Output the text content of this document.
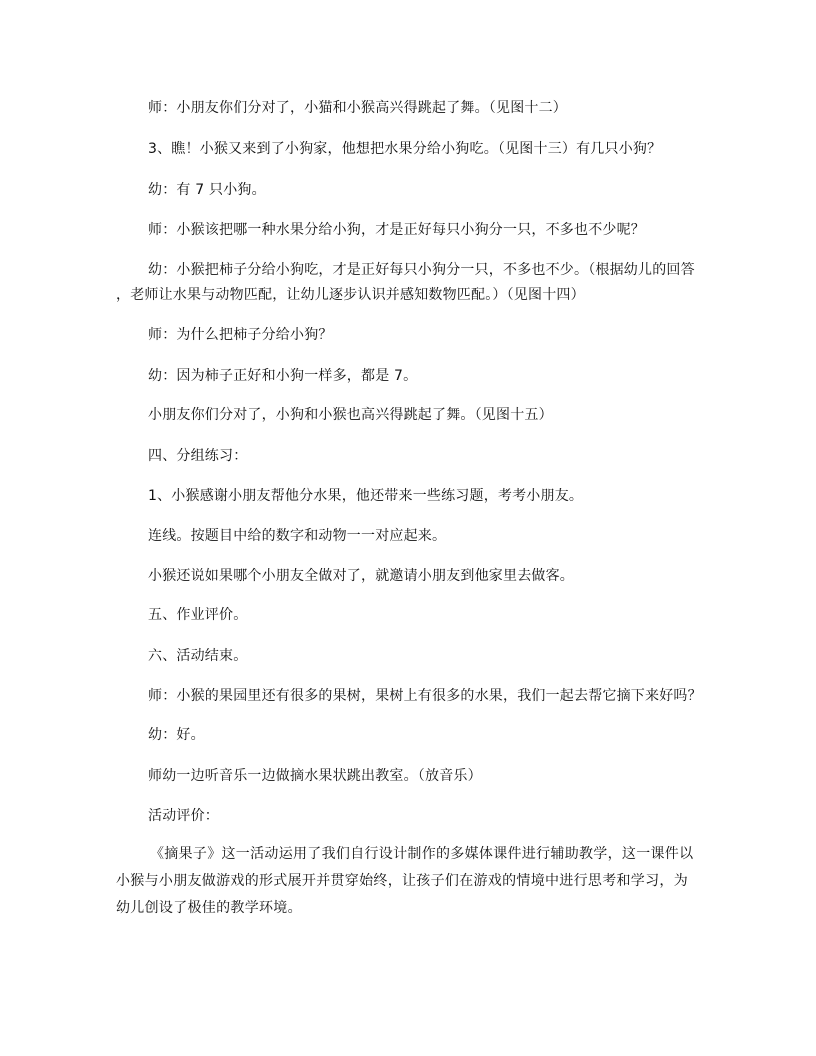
师：小朋友你们分对了，小猫和小猴高兴得跳起了舞。（见图十二）
3、瞧！小猴又来到了小狗家，他想把水果分给小狗吃。（见图十三）有几只小狗？
幼：有 7 只小狗。
师：小猴该把哪一种水果分给小狗，才是正好每只小狗分一只，不多也不少呢？
幼：小猴把柿子分给小狗吃，才是正好每只小狗分一只，不多也不少。（根据幼儿的回答
，老师让水果与动物匹配，让幼儿逐步认识并感知数物匹配。）（见图十四）
师：为什么把柿子分给小狗？
幼：因为柿子正好和小狗一样多，都是 7。
小朋友你们分对了，小狗和小猴也高兴得跳起了舞。（见图十五）
四、分组练习：
1、小猴感谢小朋友帮他分水果，他还带来一些练习题，考考小朋友。
连线。按题目中给的数字和动物一一对应起来。
小猴还说如果哪个小朋友全做对了，就邀请小朋友到他家里去做客。
五、作业评价。
六、活动结束。
师：小猴的果园里还有很多的果树，果树上有很多的水果，我们一起去帮它摘下来好吗？
幼：好。
师幼一边听音乐一边做摘水果状跳出教室。（放音乐）
活动评价：
《摘果子》这一活动运用了我们自行设计制作的多媒体课件进行辅助教学，这一课件以小猴与小朋友做游戏的形式展开并贯穿始终，让孩子们在游戏的情境中进行思考和学习，为幼儿创设了极佳的教学环境。
